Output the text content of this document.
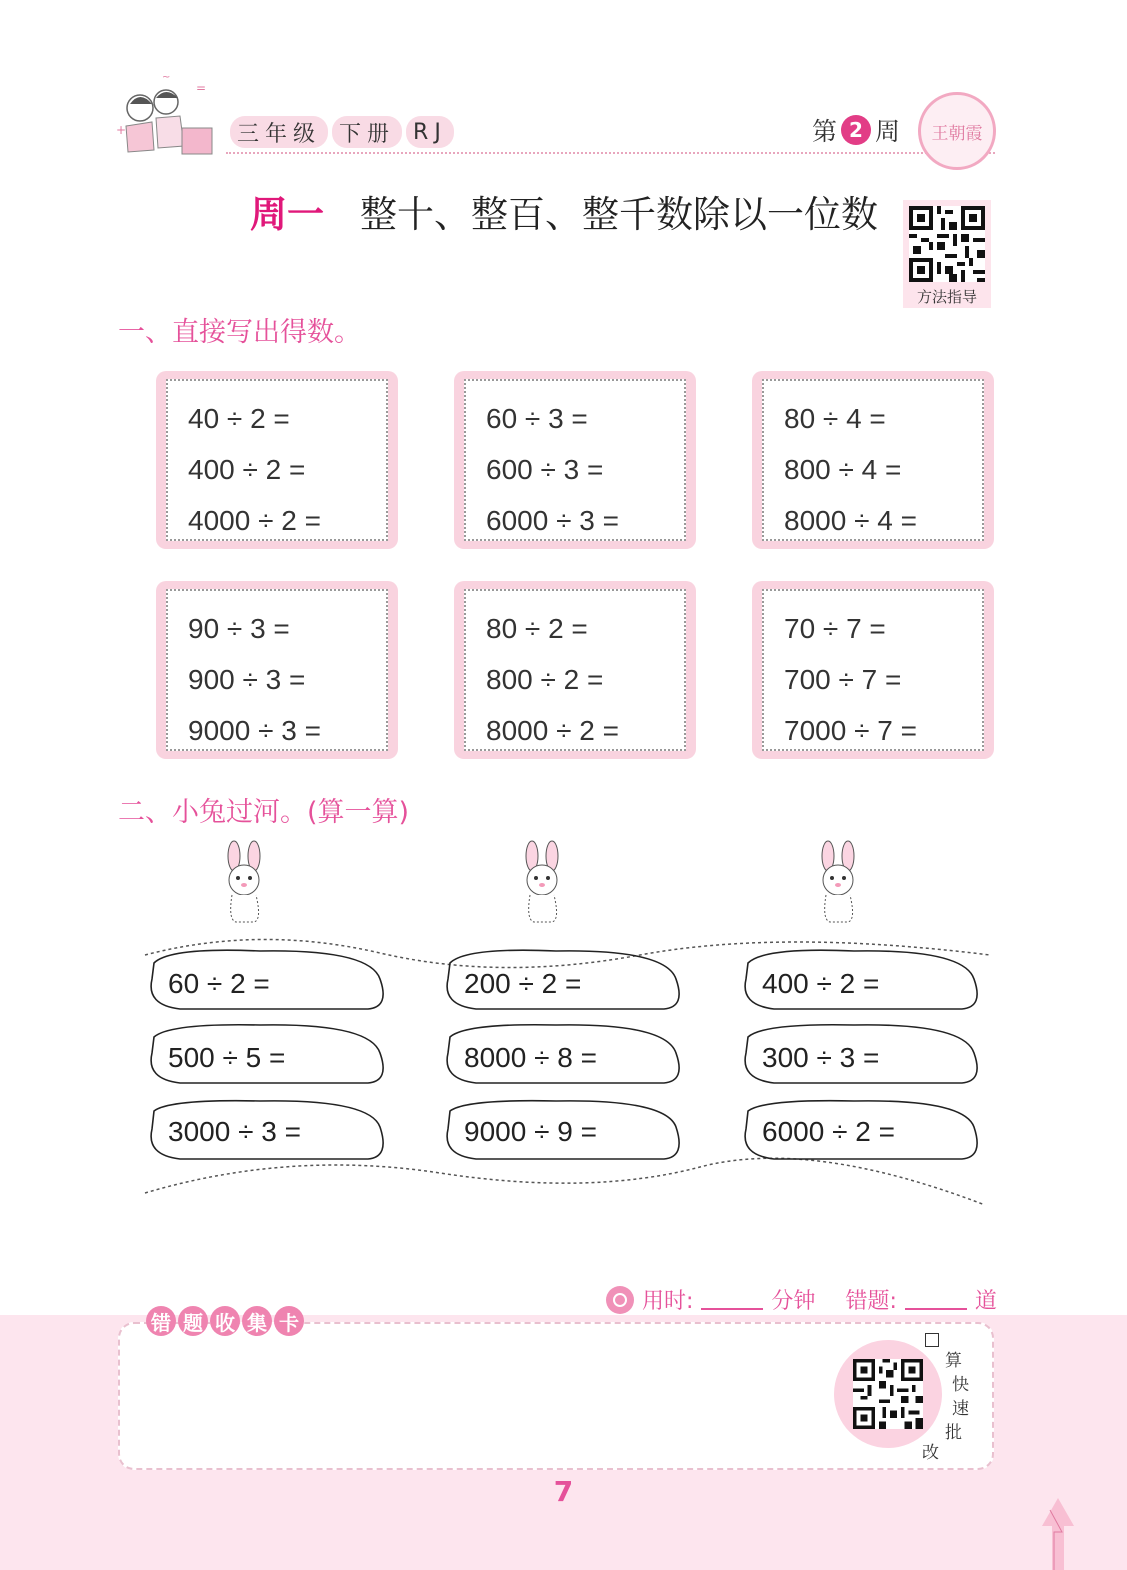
+
~
=
三年级 下册 RJ	第 2 周 王朝霞
周一 整十、整百、整千数除以一位数
方法指导
一、直接写出得数。
40 ÷ 2 =
400 ÷ 2 =
4000 ÷ 2 =
60 ÷ 3 =
600 ÷ 3 =
6000 ÷ 3 =
80 ÷ 4 =
800 ÷ 4 =
8000 ÷ 4 =
90 ÷ 3 =
900 ÷ 3 =
9000 ÷ 3 =
80 ÷ 2 =
800 ÷ 2 =
8000 ÷ 2 =
70 ÷ 7 =
700 ÷ 7 =
7000 ÷ 7 =
二、小兔过河。(算一算)
60 ÷ 2 =
500 ÷ 5 =
3000 ÷ 3 =
200 ÷ 2 =
8000 ÷ 8 =
9000 ÷ 9 =
400 ÷ 2 =
300 ÷ 3 =
6000 ÷ 2 =
用时:	分钟 错题:	道
错 题 收 集 卡
算
快
速
批
改
7
